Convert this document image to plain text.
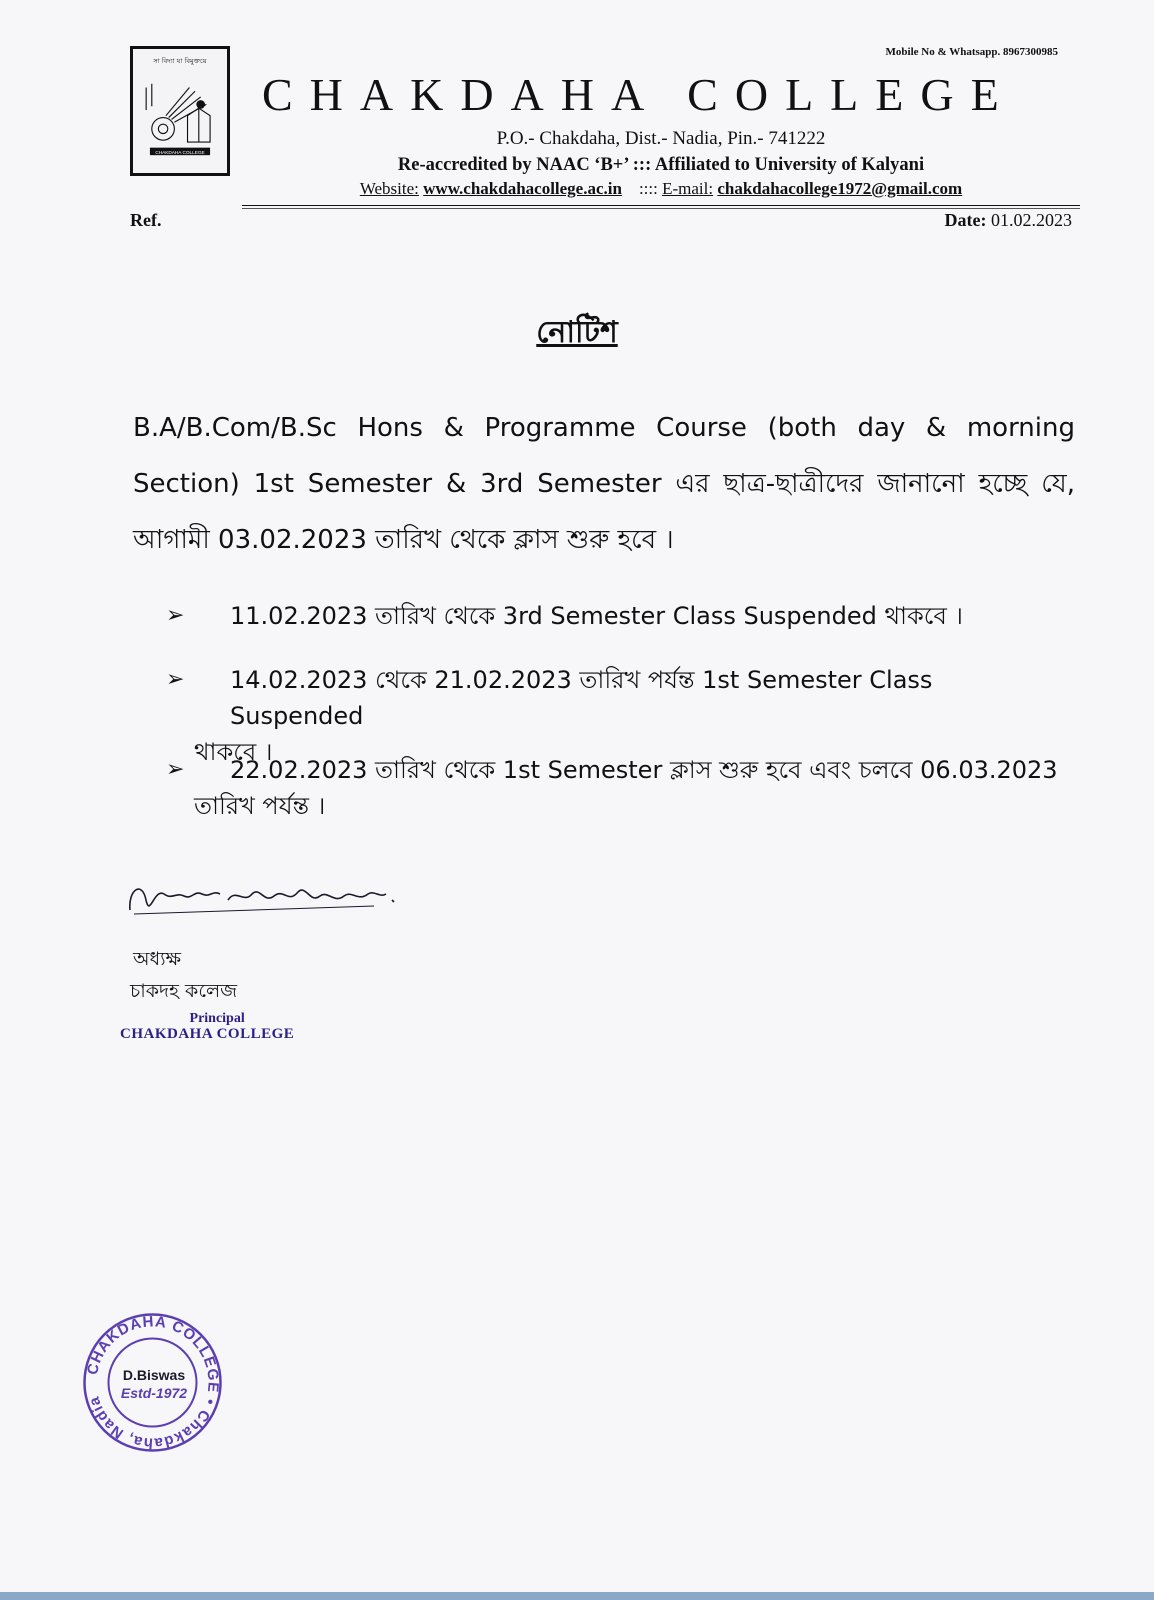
সা বিদ্যা যা বিমুক্তয়ে
CHAKDAHA COLLEGE
Mobile No & Whatsapp. 8967300985
CHAKDAHA COLLEGE
P.O.- Chakdaha, Dist.- Nadia, Pin.- 741222
Re-accredited by NAAC ‘B+’ ::: Affiliated to University of Kalyani
Website: www.chakdahacollege.ac.in :::: E-mail: chakdahacollege1972@gmail.com
Ref.	Date: 01.02.2023
নোটিশ
B.A/B.Com/B.Sc Hons & Programme Course (both day & morning Section) 1st Semester & 3rd Semester এর ছাত্র-ছাত্রীদের জানানো হচ্ছে যে, আগামী 03.02.2023 তারিখ থেকে ক্লাস শুরু হবে ।
➢	11.02.2023 তারিখ থেকে 3rd Semester Class Suspended থাকবে ।
➢	14.02.2023 থেকে 21.02.2023 তারিখ পর্যন্ত 1st Semester Class Suspended
থাকবে ।
➢	22.02.2023 তারিখ থেকে 1st Semester ক্লাস শুরু হবে এবং চলবে 06.03.2023
তারিখ পর্যন্ত ।
অধ্যক্ষ
চাকদহ কলেজ
Principal
CHAKDAHA COLLEGE
CHAKDAHA COLLEGE • Chakdaha, Nadia
D.Biswas
Estd-1972
